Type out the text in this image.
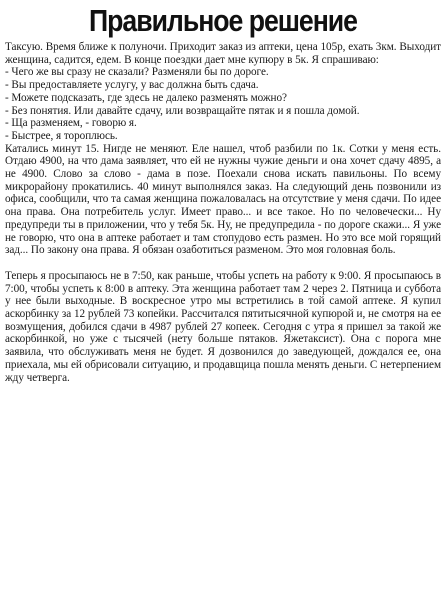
Правильное решение

Таксую. Время ближе к полуночи. Приходит заказ из аптеки, цена 105р, ехать 3км. Выходит женщина, садится, едем. В конце поездки дает мне купюру в 5к. Я спрашиваю:

- Чего же вы сразу не сказали? Разменяли бы по дороге.

- Вы предоставляете услугу, у вас должна быть сдача.

- Можете подсказать, где здесь не далеко разменять можно?

- Без понятия. Или давайте сдачу, или возвращайте пятак и я пошла домой.

- Ща разменяем, - говорю я.

- Быстрее, я тороплюсь.

Катались минут 15. Нигде не меняют. Еле нашел, чтоб разбили по 1к. Сотки у меня есть. Отдаю 4900, на что дама заявляет, что ей не нужны чужие деньги и она хочет сдачу 4895, а не 4900. Слово за слово - дама в позе. Поехали снова искать павильоны. По всему микрорайону прокатились. 40 минут выполнялся заказ. На следующий день позвонили из офиса, сообщили, что та самая женщина пожаловалась на отсутствие у меня сдачи. По идее она права. Она потребитель услуг. Имеет право... и все такое. Но по человечески... Ну предупреди ты в приложении, что у тебя 5к. Ну, не предупредила - по дороге скажи... Я уже не говорю, что она в аптеке работает и там стопудово есть размен. Но это все мой горящий зад... По закону она права. Я обязан озаботиться разменом. Это моя головная боль.

Теперь я просыпаюсь не в 7:50, как раньше, чтобы успеть на работу к 9:00. Я просыпаюсь в 7:00, чтобы успеть к 8:00 в аптеку. Эта женщина работает там 2 через 2. Пятница и суббота у нее были выходные. В воскресное утро мы встретились в той самой аптеке. Я купил аскорбинку за 12 рублей 73 копейки. Рассчитался пятитысячной купюрой и, не смотря на ее возмущения, добился сдачи в 4987 рублей 27 копеек. Сегодня с утра я пришел за такой же аскорбинкой, но уже с тысячей (нету больше пятаков. Яжетаксист). Она с порога мне заявила, что обслуживать меня не будет. Я дозвонился до заведующей, дождался ее, она приехала, мы ей обрисовали ситуацию, и продавщица пошла менять деньги. С нетерпением жду четверга.
